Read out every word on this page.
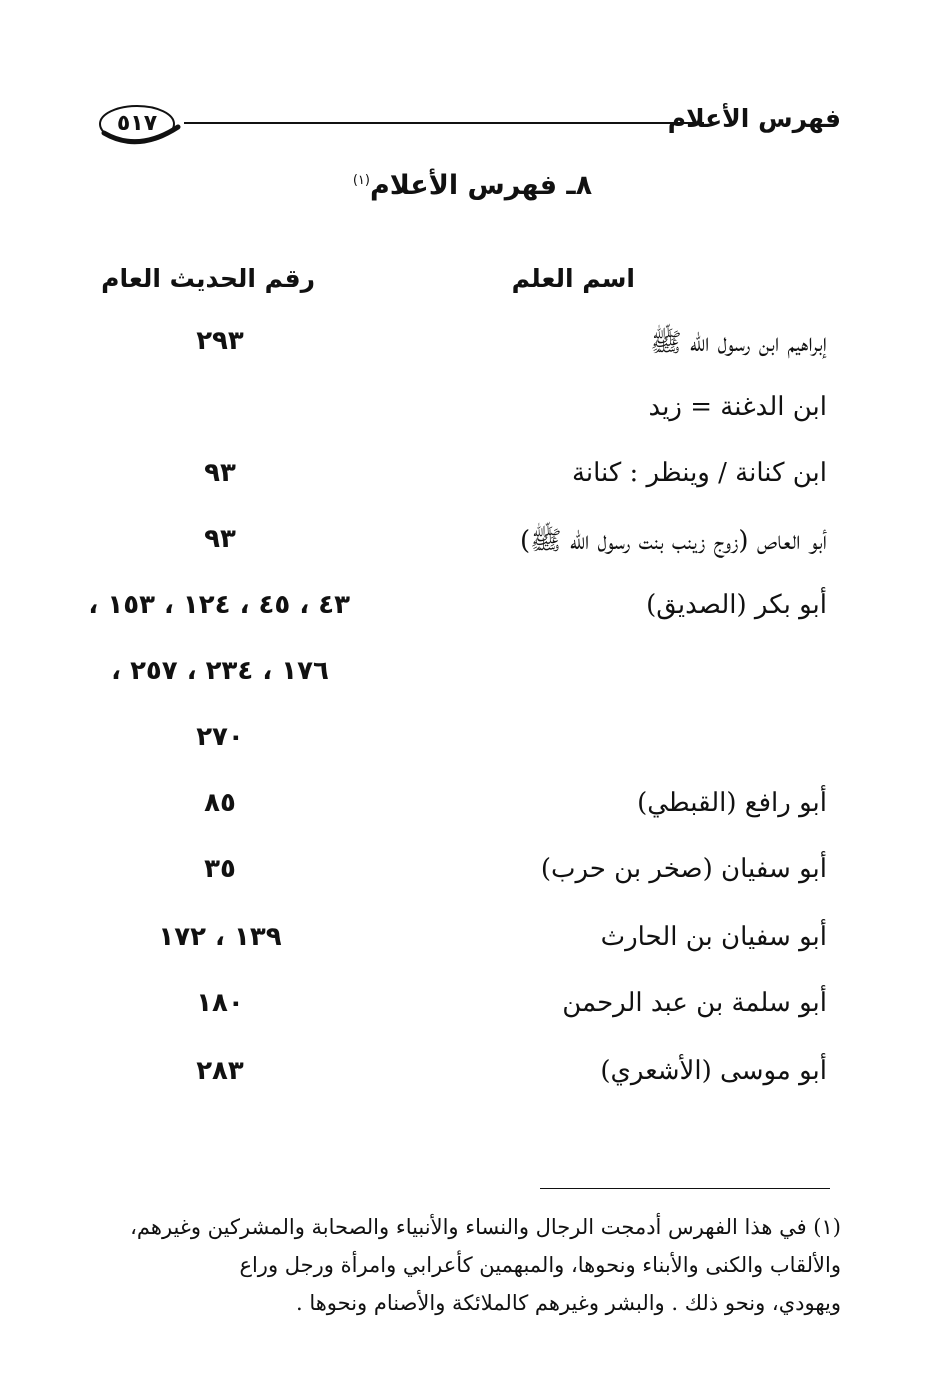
فهرس الأعلام
٥١٧
٨ـ فهرس الأعلام$^{(١)}$
اسم العلم
رقم الحديث العام
إبراهيم ابن رسول الله ﷺ
٢٩٣
ابن الدغنة = زيد
ابن كنانة / وينظر : كنانة
٩٣
أبو العاص (زوج زينب بنت رسول الله ﷺ)
٩٣
أبو بكر (الصديق)
٤٣ ، ٤٥ ، ١٢٤ ، ١٥٣ ،
١٧٦ ، ٢٣٤ ، ٢٥٧ ،
٢٧٠
أبو رافع (القبطي)
٨٥
أبو سفيان (صخر بن حرب)
٣٥
أبو سفيان بن الحارث
١٣٩ ، ١٧٢
أبو سلمة بن عبد الرحمن
١٨٠
أبو موسى (الأشعري)
٢٨٣
(١) في هذا الفهرس أدمجت الرجال والنساء والأنبياء والصحابة والمشركين وغيرهم،
والألقاب والكنى والأبناء ونحوها، والمبهمين كأعرابي وامرأة ورجل وراع
ويهودي، ونحو ذلك . والبشر وغيرهم كالملائكة والأصنام ونحوها .
